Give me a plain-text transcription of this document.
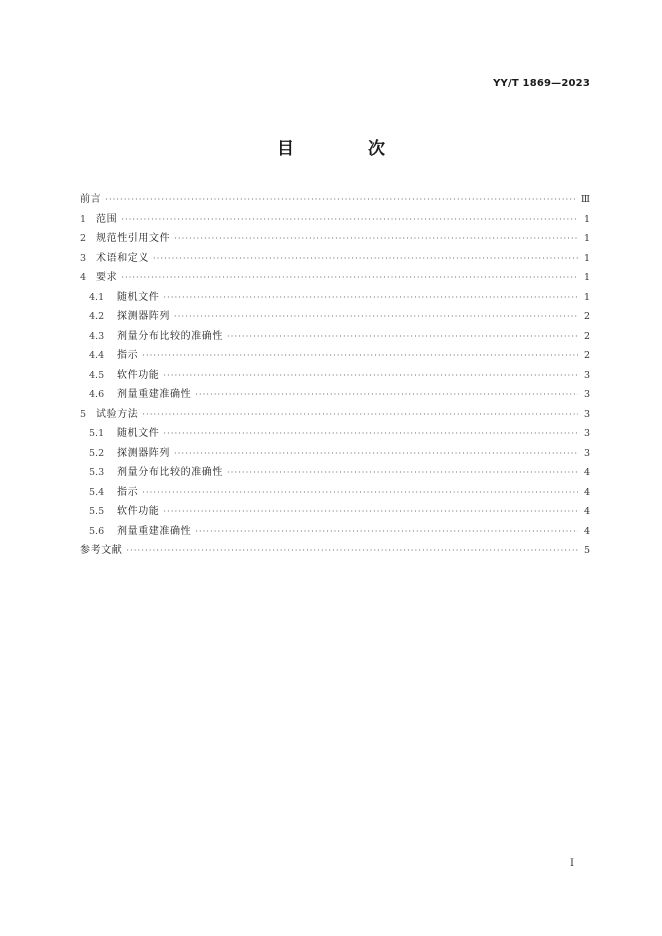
YY/T 1869—2023
目 次
前言 ·····	Ⅲ
1 范围 ·····	1
2 规范性引用文件 ·····	1
3 术语和定义 ·····	1
4 要求 ·····	1
4.1	随机文件 ·····	1
4.2	探测器阵列 ·····	2
4.3	剂量分布比较的准确性 ·····	2
4.4	指示 ·····	2
4.5	软件功能 ·····	3
4.6	剂量重建准确性 ·····	3
5 试验方法 ·····	3
5.1	随机文件 ·····	3
5.2	探测器阵列 ·····	3
5.3	剂量分布比较的准确性 ·····	4
5.4	指示 ·····	4
5.5	软件功能 ·····	4
5.6	剂量重建准确性 ·····	4
参考文献 ·····	5
Ⅰ
